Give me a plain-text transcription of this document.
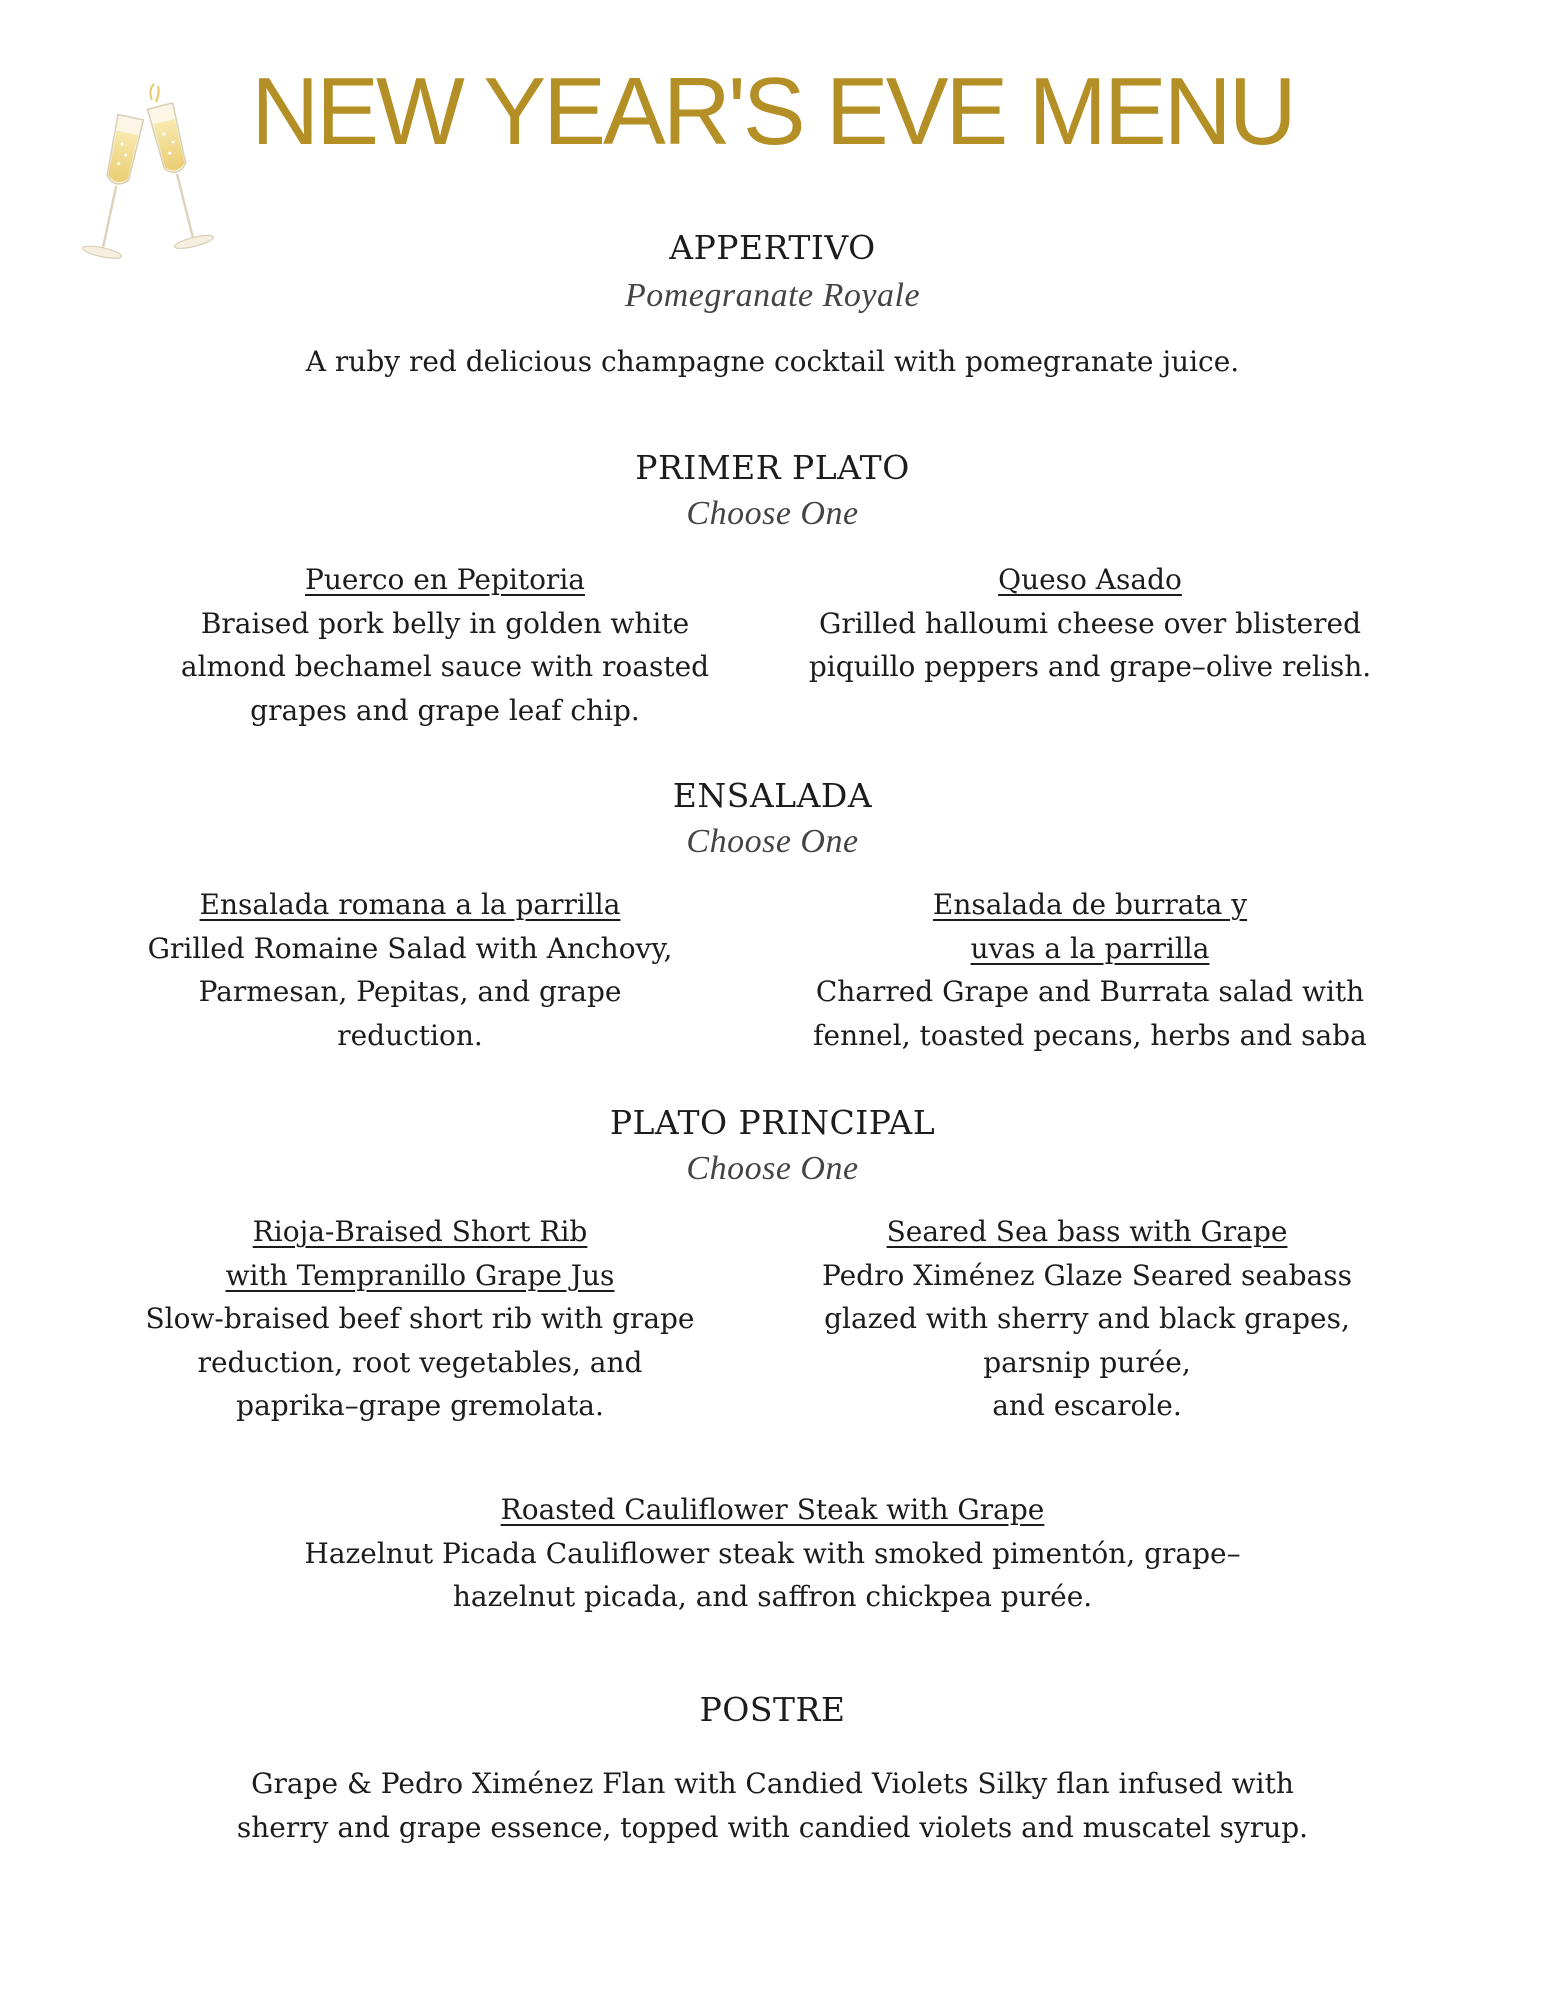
NEW YEAR'S EVE MENU
APPERTIVO
Pomegranate Royale
A ruby red delicious champagne cocktail with pomegranate juice.
PRIMER PLATO
Choose One
Puerco en Pepitoria
Braised pork belly in golden white
almond bechamel sauce with roasted
grapes and grape leaf chip.
Queso Asado
Grilled halloumi cheese over blistered
piquillo peppers and grape–olive relish.
ENSALADA
Choose One
Ensalada romana a la parrilla
Grilled Romaine Salad with Anchovy,
Parmesan, Pepitas, and grape
reduction.
Ensalada de burrata y
uvas a la parrilla
Charred Grape and Burrata salad with
fennel, toasted pecans, herbs and saba
PLATO PRINCIPAL
Choose One
Rioja-Braised Short Rib
with Tempranillo Grape Jus
Slow-braised beef short rib with grape
reduction, root vegetables, and
paprika–grape gremolata.
Seared Sea bass with Grape
Pedro Ximénez Glaze Seared seabass
glazed with sherry and black grapes,
parsnip purée,
and escarole.
Roasted Cauliflower Steak with Grape
Hazelnut Picada Cauliflower steak with smoked pimentón, grape–
hazelnut picada, and saffron chickpea purée.
POSTRE
Grape & Pedro Ximénez Flan with Candied Violets Silky flan infused with
sherry and grape essence, topped with candied violets and muscatel syrup.
